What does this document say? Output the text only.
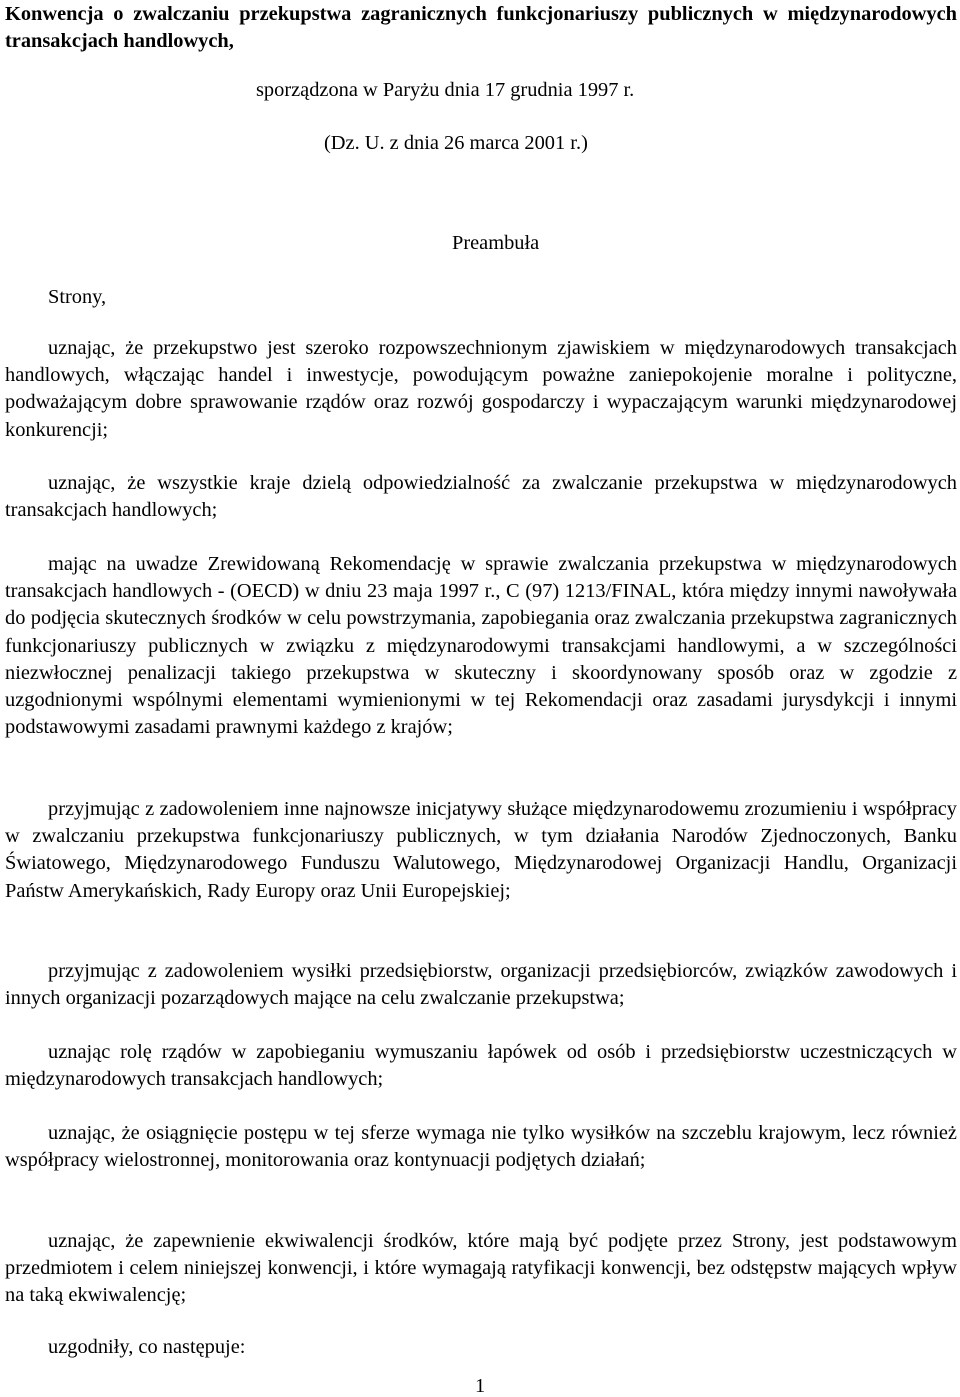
Konwencja o zwalczaniu przekupstwa zagranicznych funkcjonariuszy publicznych w międzynarodowych transakcjach handlowych,
sporządzona w Paryżu dnia 17 grudnia 1997 r.
(Dz. U. z dnia 26 marca 2001 r.)
Preambuła
Strony,
uznając, że przekupstwo jest szeroko rozpowszechnionym zjawiskiem w międzynarodowych transakcjach handlowych, włączając handel i inwestycje, powodującym poważne zaniepokojenie moralne i polityczne, podważającym dobre sprawowanie rządów oraz rozwój gospodarczy i wypaczającym warunki międzynarodowej konkurencji;
uznając, że wszystkie kraje dzielą odpowiedzialność za zwalczanie przekupstwa w międzynarodowych transakcjach handlowych;
mając na uwadze Zrewidowaną Rekomendację w sprawie zwalczania przekupstwa w międzynarodowych transakcjach handlowych - (OECD) w dniu 23 maja 1997 r., C (97) 1213/FINAL, która między innymi nawoływała do podjęcia skutecznych środków w celu powstrzymania, zapobiegania oraz zwalczania przekupstwa zagranicznych funkcjonariuszy publicznych w związku z międzynarodowymi transakcjami handlowymi, a w szczególności niezwłocznej penalizacji takiego przekupstwa w skuteczny i skoordynowany sposób oraz w zgodzie z uzgodnionymi wspólnymi elementami wymienionymi w tej Rekomendacji oraz zasadami jurysdykcji i innymi podstawowymi zasadami prawnymi każdego z krajów;
przyjmując z zadowoleniem inne najnowsze inicjatywy służące międzynarodowemu zrozumieniu i współpracy w zwalczaniu przekupstwa funkcjonariuszy publicznych, w tym działania Narodów Zjednoczonych, Banku Światowego, Międzynarodowego Funduszu Walutowego, Międzynarodowej Organizacji Handlu, Organizacji Państw Amerykańskich, Rady Europy oraz Unii Europejskiej;
przyjmując z zadowoleniem wysiłki przedsiębiorstw, organizacji przedsiębiorców, związków zawodowych i innych organizacji pozarządowych mające na celu zwalczanie przekupstwa;
uznając rolę rządów w zapobieganiu wymuszaniu łapówek od osób i przedsiębiorstw uczestniczących w międzynarodowych transakcjach handlowych;
uznając, że osiągnięcie postępu w tej sferze wymaga nie tylko wysiłków na szczeblu krajowym, lecz również współpracy wielostronnej, monitorowania oraz kontynuacji podjętych działań;
uznając, że zapewnienie ekwiwalencji środków, które mają być podjęte przez Strony, jest podstawowym przedmiotem i celem niniejszej konwencji, i które wymagają ratyfikacji konwencji, bez odstępstw mających wpływ na taką ekwiwalencję;
uzgodniły, co następuje:
1
